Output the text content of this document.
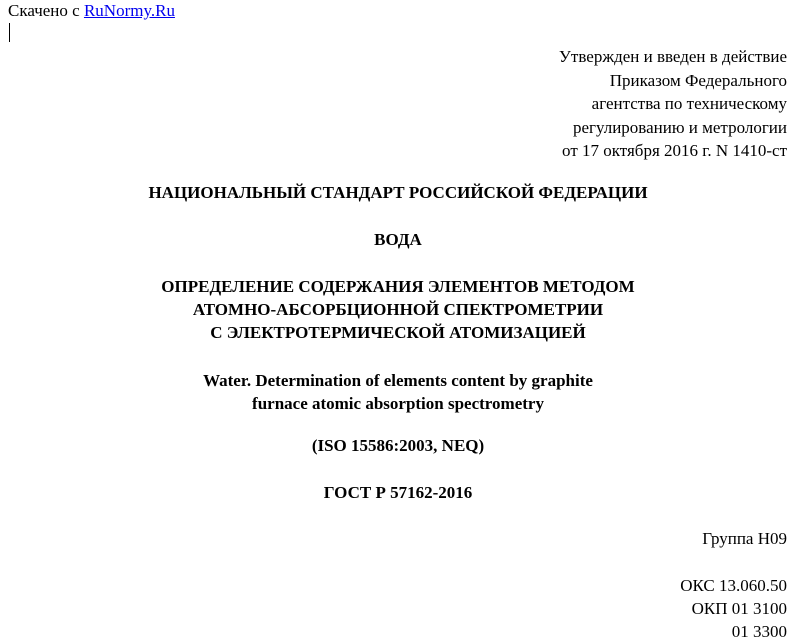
Скачено с RuNormy.Ru
Утвержден и введен в действие
Приказом Федерального
агентства по техническому
регулированию и метрологии
от 17 октября 2016 г. N 1410-ст
НАЦИОНАЛЬНЫЙ СТАНДАРТ РОССИЙСКОЙ ФЕДЕРАЦИИ
ВОДА
ОПРЕДЕЛЕНИЕ СОДЕРЖАНИЯ ЭЛЕМЕНТОВ МЕТОДОМ
АТОМНО-АБСОРБЦИОННОЙ СПЕКТРОМЕТРИИ
С ЭЛЕКТРОТЕРМИЧЕСКОЙ АТОМИЗАЦИЕЙ
Water. Determination of elements content by graphite
furnace atomic absorption spectrometry
(ISO 15586:2003, NEQ)
ГОСТ Р 57162-2016
Группа Н09
ОКС 13.060.50
ОКП 01 3100
01 3300
